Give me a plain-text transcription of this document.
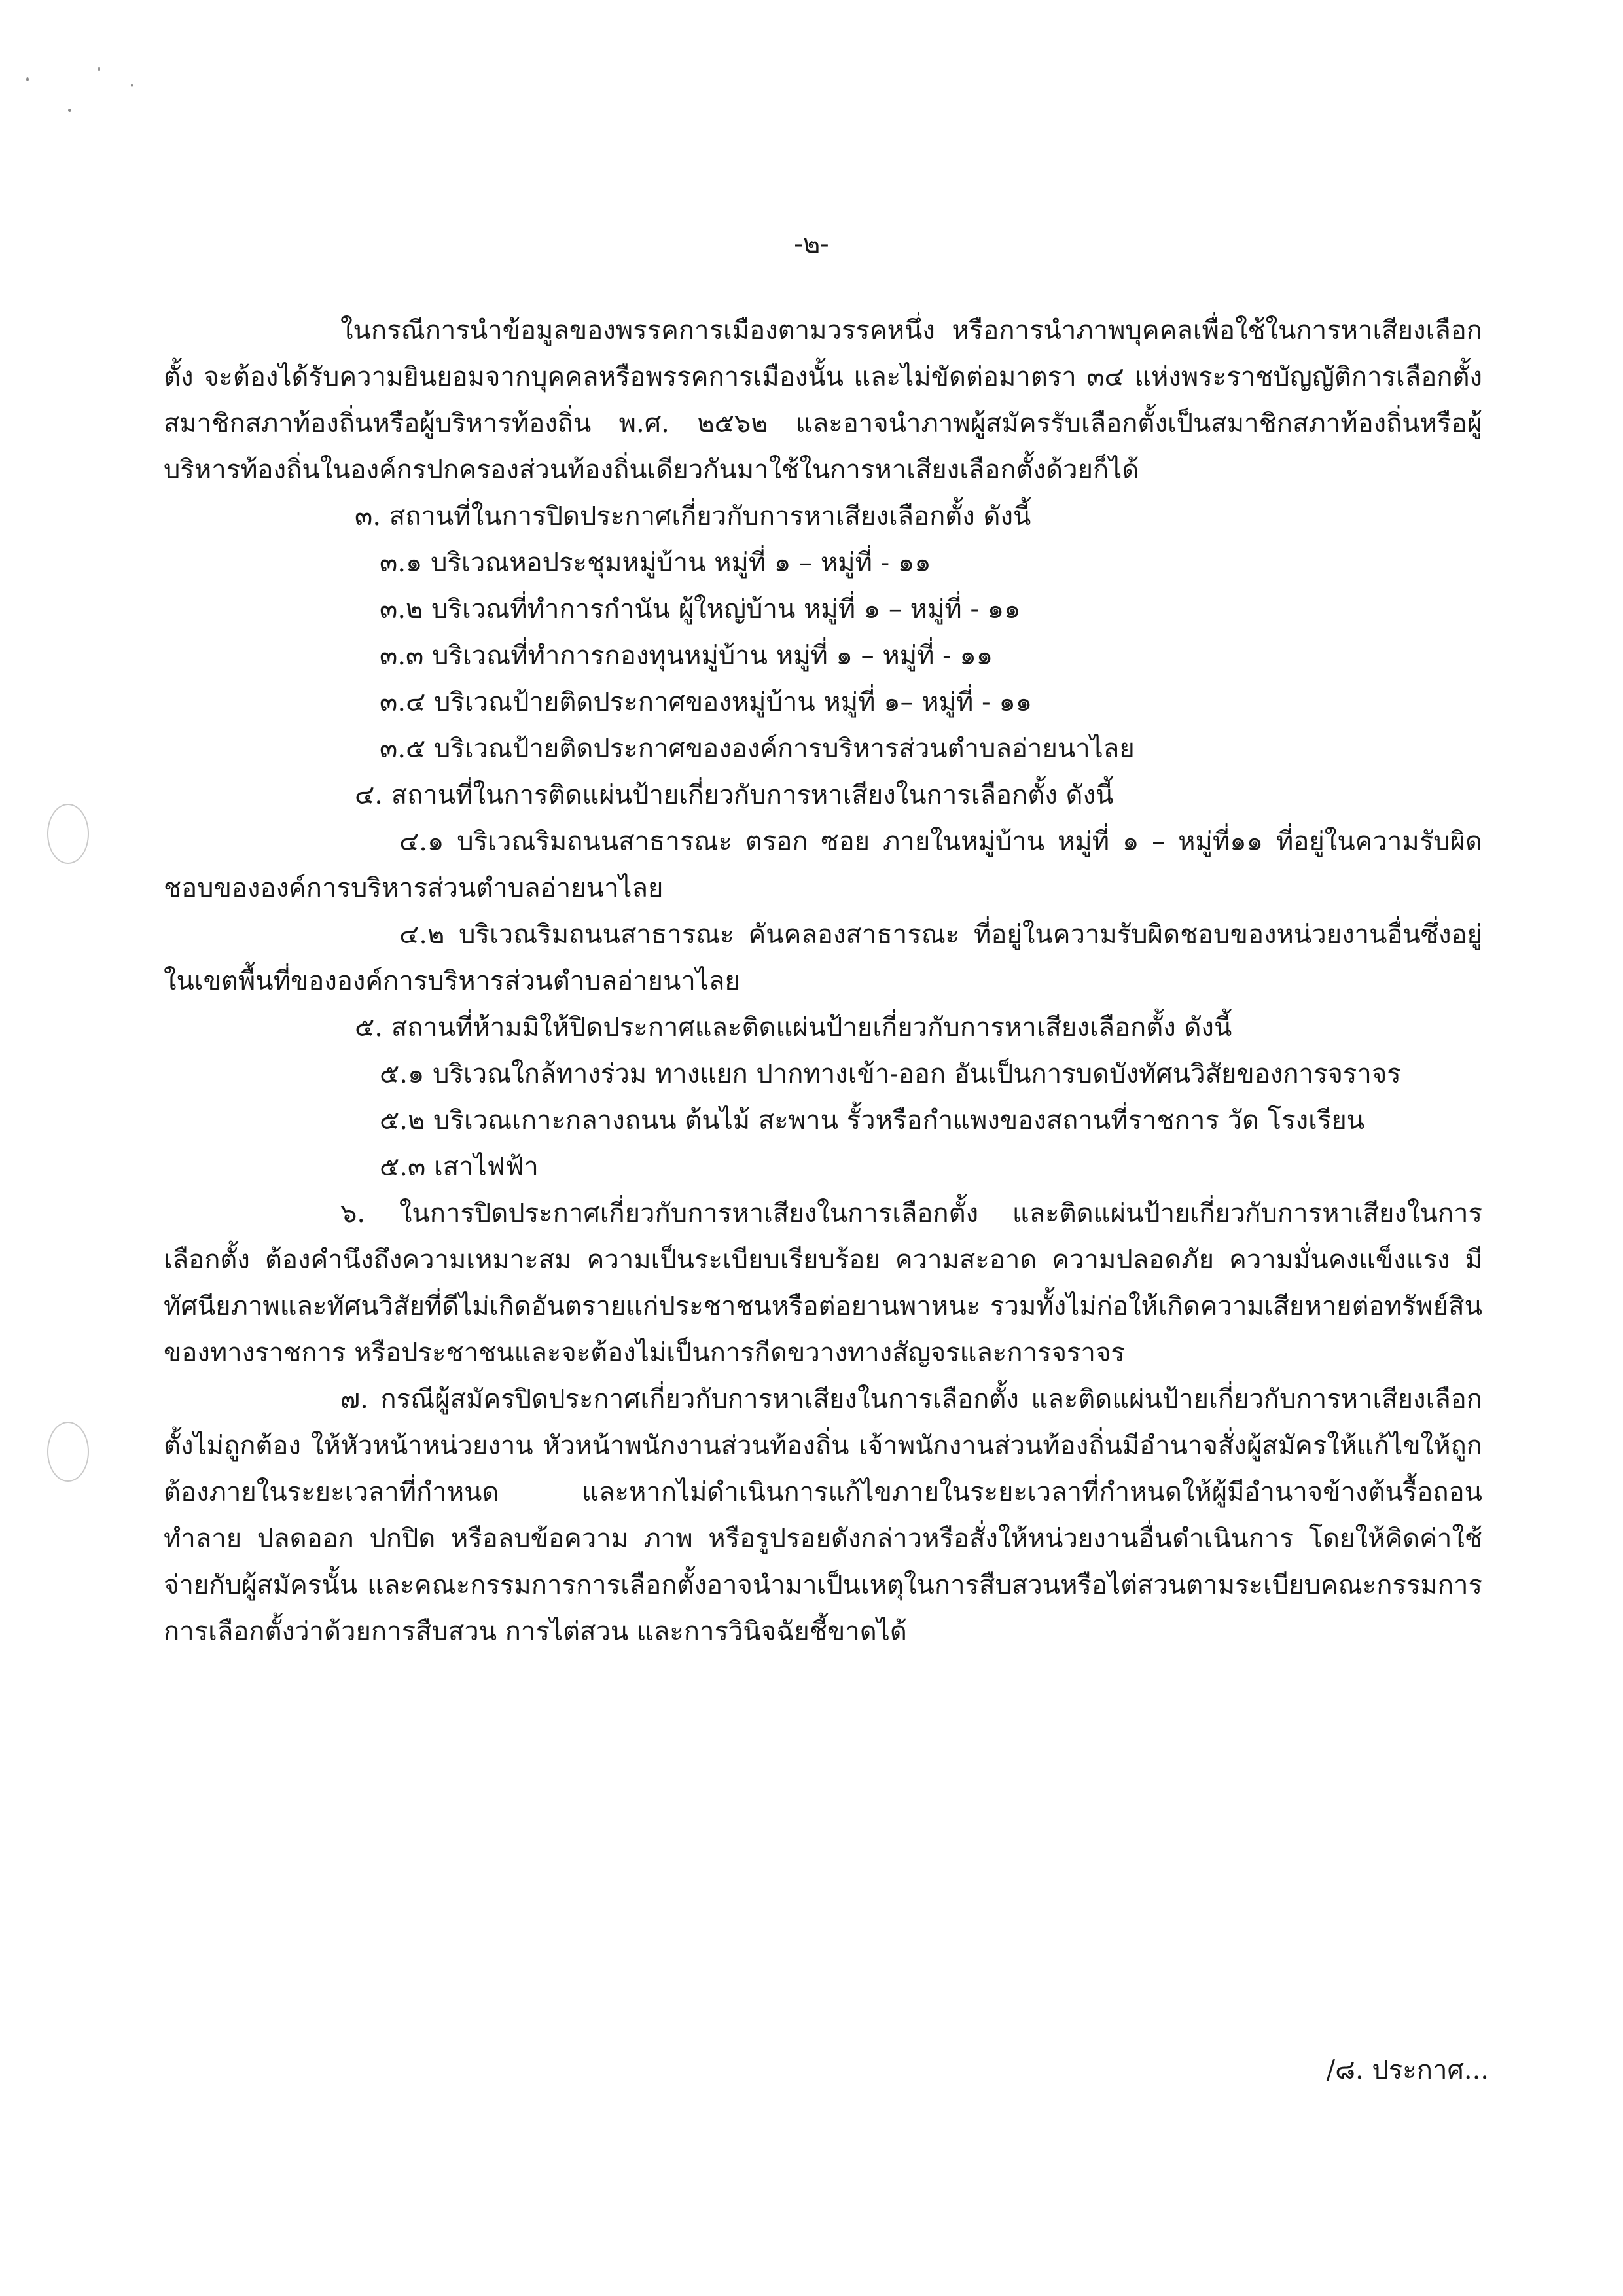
-๒-

ในกรณีการนำข้อมูลของพรรคการเมืองตามวรรคหนึ่ง หรือการนำภาพบุคคลเพื่อใช้ในการหาเสียงเลือกตั้ง จะต้องได้รับความยินยอมจากบุคคลหรือพรรคการเมืองนั้น และไม่ขัดต่อมาตรา ๓๔ แห่งพระราชบัญญัติการเลือกตั้งสมาชิกสภาท้องถิ่นหรือผู้บริหารท้องถิ่น พ.ศ. ๒๕๖๒ และอาจนำภาพผู้สมัครรับเลือกตั้งเป็นสมาชิกสภาท้องถิ่นหรือผู้บริหารท้องถิ่นในองค์กรปกครองส่วนท้องถิ่นเดียวกันมาใช้ในการหาเสียงเลือกตั้งด้วยก็ได้

๓. สถานที่ในการปิดประกาศเกี่ยวกับการหาเสียงเลือกตั้ง ดังนี้

๓.๑ บริเวณหอประชุมหมู่บ้าน หมู่ที่ ๑ – หมู่ที่ - ๑๑

๓.๒ บริเวณที่ทำการกำนัน ผู้ใหญ่บ้าน หมู่ที่ ๑ – หมู่ที่ - ๑๑

๓.๓ บริเวณที่ทำการกองทุนหมู่บ้าน หมู่ที่ ๑ – หมู่ที่ - ๑๑

๓.๔ บริเวณป้ายติดประกาศของหมู่บ้าน หมู่ที่ ๑– หมู่ที่ - ๑๑

๓.๕ บริเวณป้ายติดประกาศขององค์การบริหารส่วนตำบลอ่ายนาไลย

๔. สถานที่ในการติดแผ่นป้ายเกี่ยวกับการหาเสียงในการเลือกตั้ง ดังนี้

๔.๑ บริเวณริมถนนสาธารณะ ตรอก ซอย ภายในหมู่บ้าน หมู่ที่ ๑ – หมู่ที่๑๑ ที่อยู่ในความรับผิดชอบขององค์การบริหารส่วนตำบลอ่ายนาไลย

๔.๒ บริเวณริมถนนสาธารณะ คันคลองสาธารณะ ที่อยู่ในความรับผิดชอบของหน่วยงานอื่นซึ่งอยู่ในเขตพื้นที่ขององค์การบริหารส่วนตำบลอ่ายนาไลย

๕. สถานที่ห้ามมิให้ปิดประกาศและติดแผ่นป้ายเกี่ยวกับการหาเสียงเลือกตั้ง ดังนี้

๕.๑ บริเวณใกล้ทางร่วม ทางแยก ปากทางเข้า-ออก อันเป็นการบดบังทัศนวิสัยของการจราจร

๕.๒ บริเวณเกาะกลางถนน ต้นไม้ สะพาน รั้วหรือกำแพงของสถานที่ราชการ วัด โรงเรียน

๕.๓ เสาไฟฟ้า

๖. ในการปิดประกาศเกี่ยวกับการหาเสียงในการเลือกตั้ง และติดแผ่นป้ายเกี่ยวกับการหาเสียงในการเลือกตั้ง ต้องคำนึงถึงความเหมาะสม ความเป็นระเบียบเรียบร้อย ความสะอาด ความปลอดภัย ความมั่นคงแข็งแรง มีทัศนียภาพและทัศนวิสัยที่ดีไม่เกิดอันตรายแก่ประชาชนหรือต่อยานพาหนะ รวมทั้งไม่ก่อให้เกิดความเสียหายต่อทรัพย์สินของทางราชการ หรือประชาชนและจะต้องไม่เป็นการกีดขวางทางสัญจรและการจราจร

๗. กรณีผู้สมัครปิดประกาศเกี่ยวกับการหาเสียงในการเลือกตั้ง และติดแผ่นป้ายเกี่ยวกับการหาเสียงเลือกตั้งไม่ถูกต้อง ให้หัวหน้าหน่วยงาน หัวหน้าพนักงานส่วนท้องถิ่น เจ้าพนักงานส่วนท้องถิ่นมีอำนาจสั่งผู้สมัครให้แก้ไขให้ถูกต้องภายในระยะเวลาที่กำหนด และหากไม่ดำเนินการแก้ไขภายในระยะเวลาที่กำหนดให้ผู้มีอำนาจข้างต้นรื้อถอน ทำลาย ปลดออก ปกปิด หรือลบข้อความ ภาพ หรือรูปรอยดังกล่าวหรือสั่งให้หน่วยงานอื่นดำเนินการ โดยให้คิดค่าใช้จ่ายกับผู้สมัครนั้น และคณะกรรมการการเลือกตั้งอาจนำมาเป็นเหตุในการสืบสวนหรือไต่สวนตามระเบียบคณะกรรมการการเลือกตั้งว่าด้วยการสืบสวน การไต่สวน และการวินิจฉัยชี้ขาดได้

/๘. ประกาศ...
